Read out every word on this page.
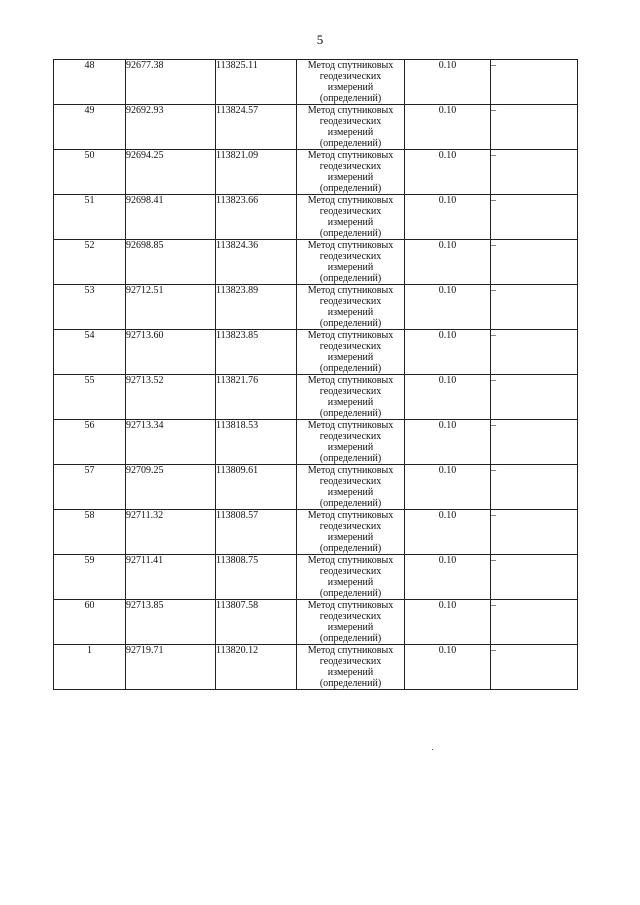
5
48	92677.38	113825.11	Метод спутниковых
геодезических
измерений
(определений)	0.10	–
49	92692.93	113824.57	Метод спутниковых
геодезических
измерений
(определений)	0.10	–
50	92694.25	113821.09	Метод спутниковых
геодезических
измерений
(определений)	0.10	–
51	92698.41	113823.66	Метод спутниковых
геодезических
измерений
(определений)	0.10	–
52	92698.85	113824.36	Метод спутниковых
геодезических
измерений
(определений)	0.10	–
53	92712.51	113823.89	Метод спутниковых
геодезических
измерений
(определений)	0.10	–
54	92713.60	113823.85	Метод спутниковых
геодезических
измерений
(определений)	0.10	–
55	92713.52	113821.76	Метод спутниковых
геодезических
измерений
(определений)	0.10	–
56	92713.34	113818.53	Метод спутниковых
геодезических
измерений
(определений)	0.10	–
57	92709.25	113809.61	Метод спутниковых
геодезических
измерений
(определений)	0.10	–
58	92711.32	113808.57	Метод спутниковых
геодезических
измерений
(определений)	0.10	–
59	92711.41	113808.75	Метод спутниковых
геодезических
измерений
(определений)	0.10	–
60	92713.85	113807.58	Метод спутниковых
геодезических
измерений
(определений)	0.10	–
1	92719.71	113820.12	Метод спутниковых
геодезических
измерений
(определений)	0.10	–
